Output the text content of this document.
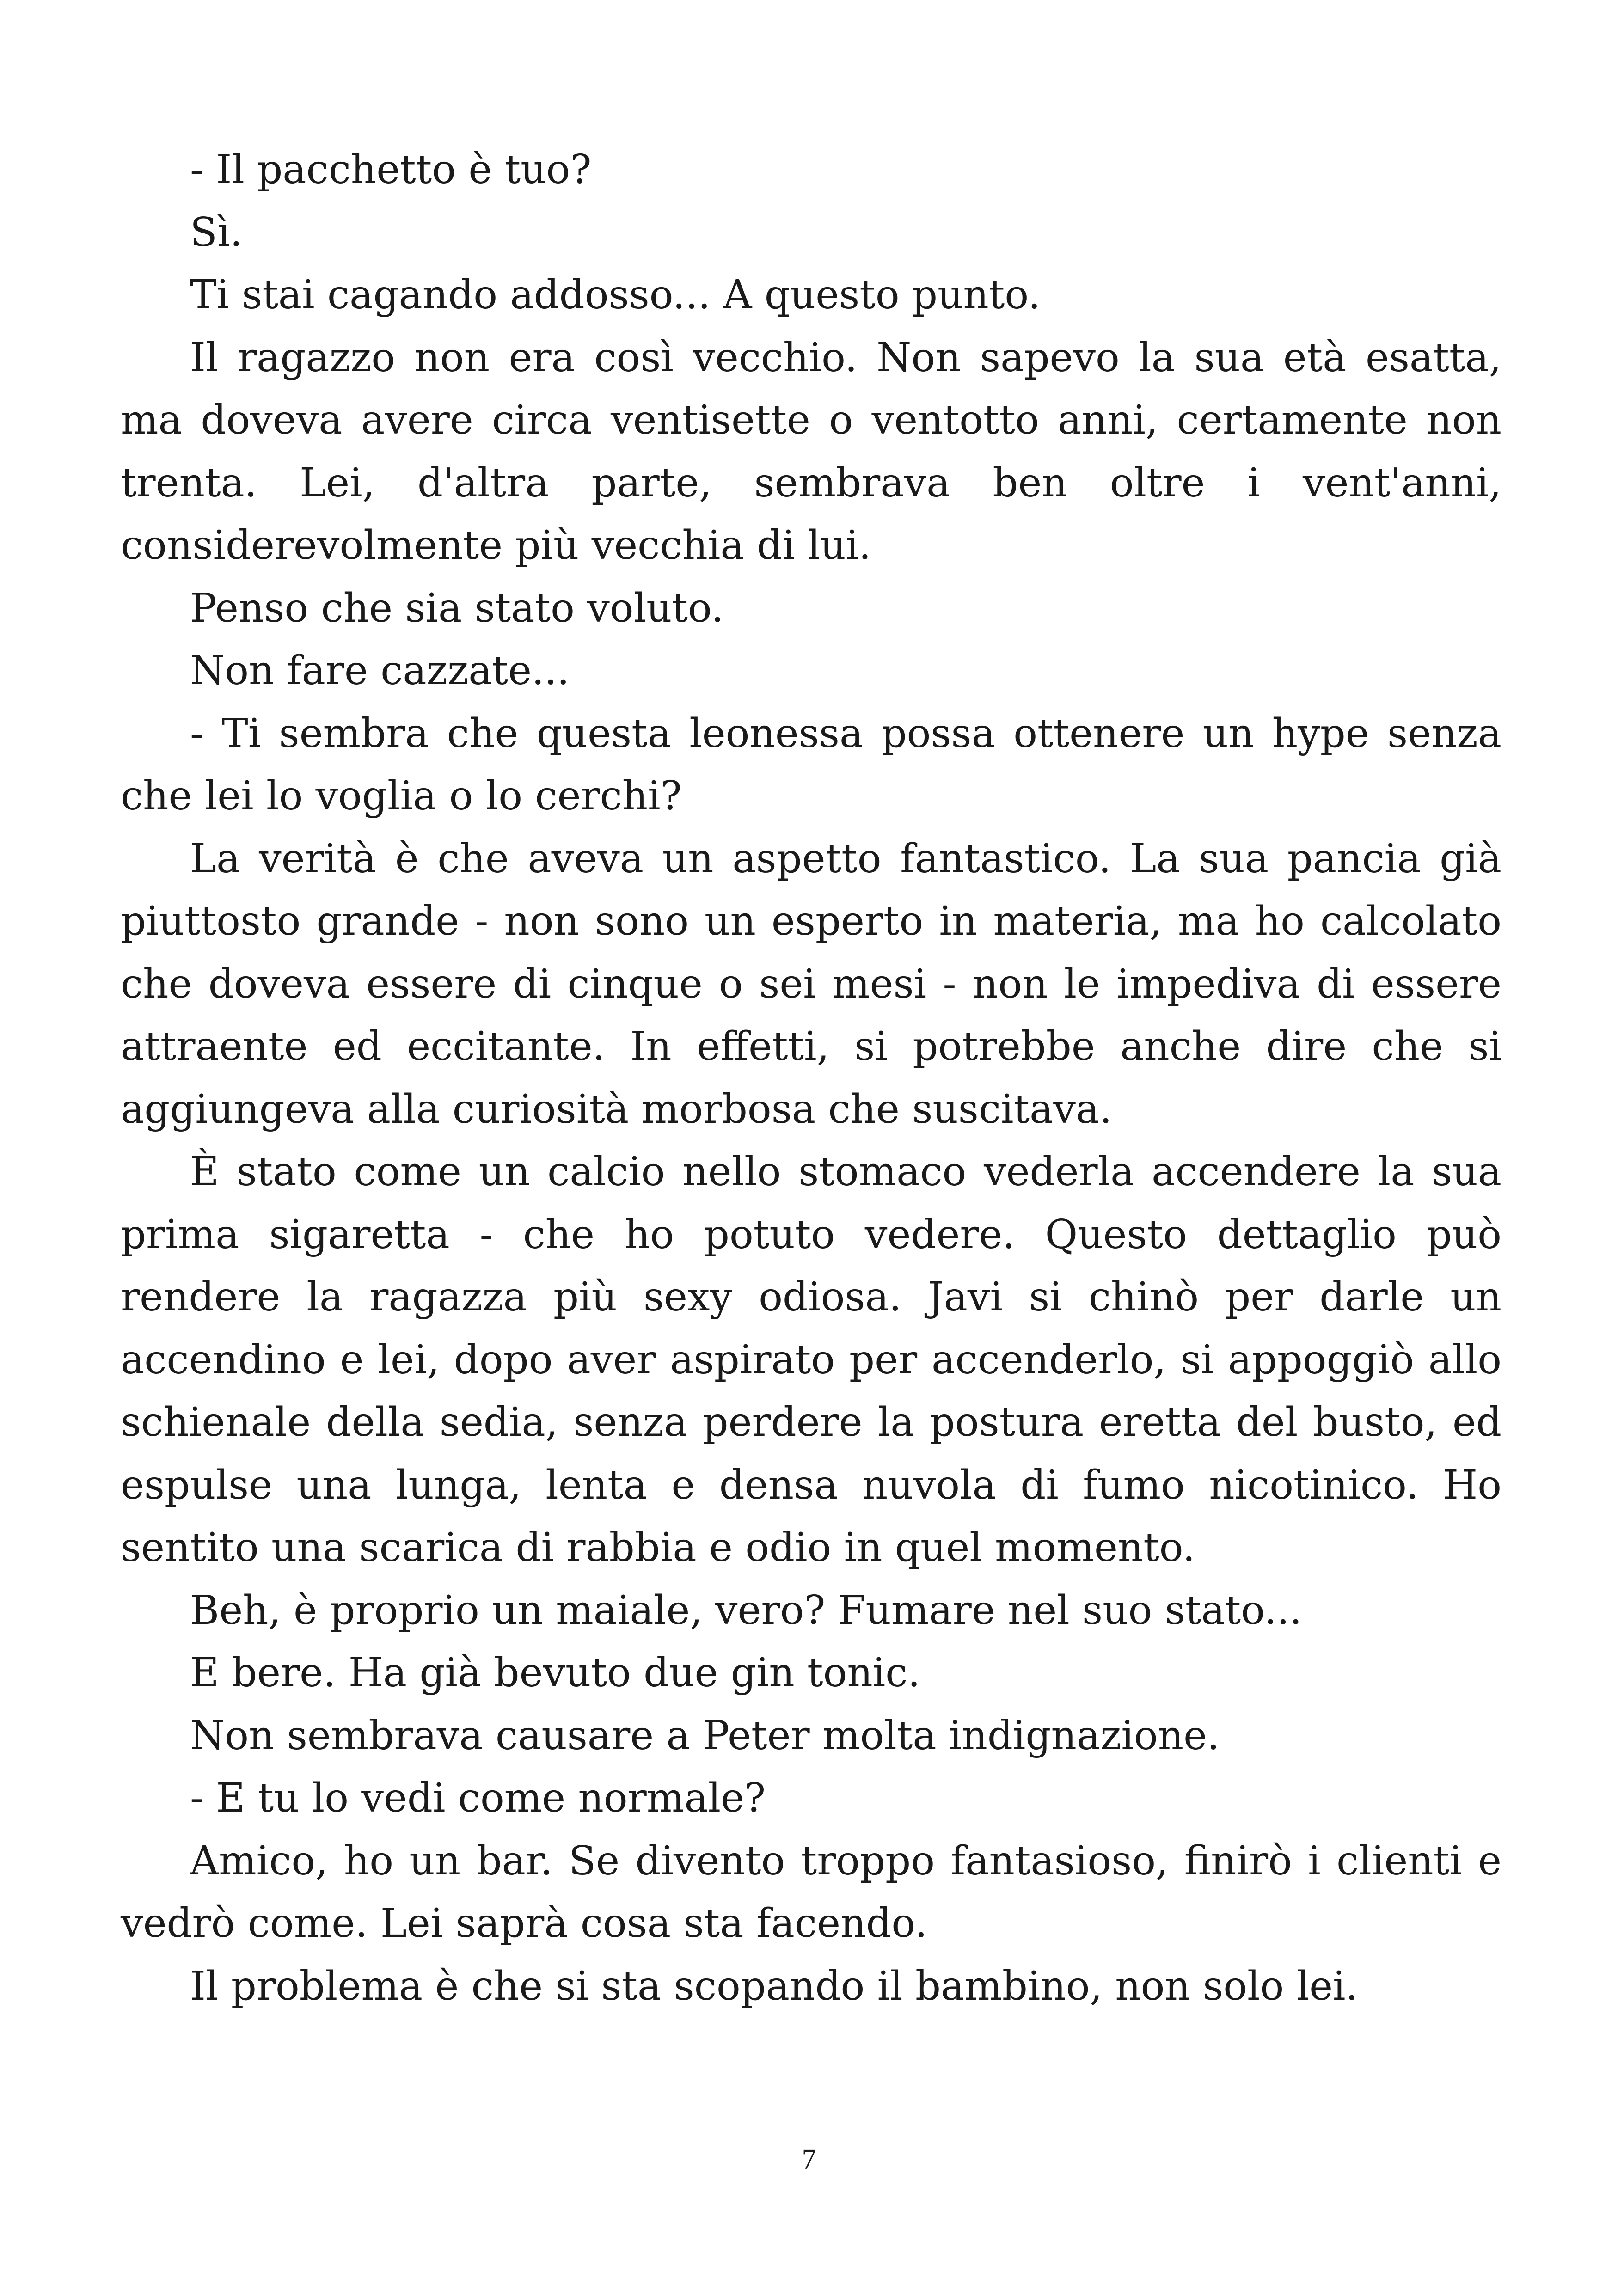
- Il pacchetto è tuo?

Sì.

Ti stai cagando addosso... A questo punto.

Il ragazzo non era così vecchio. Non sapevo la sua età esatta, ma doveva avere circa ventisette o ventotto anni, certamente non trenta. Lei, d'altra parte, sembrava ben oltre i vent'anni, considerevolmente più vecchia di lui.

Penso che sia stato voluto.

Non fare cazzate...

- Ti sembra che questa leonessa possa ottenere un hype senza che lei lo voglia o lo cerchi?

La verità è che aveva un aspetto fantastico. La sua pancia già piuttosto grande - non sono un esperto in materia, ma ho calcolato che doveva essere di cinque o sei mesi - non le impediva di essere attraente ed eccitante. In effetti, si potrebbe anche dire che si aggiungeva alla curiosità morbosa che suscitava.

È stato come un calcio nello stomaco vederla accendere la sua prima sigaretta - che ho potuto vedere. Questo dettaglio può rendere la ragazza più sexy odiosa. Javi si chinò per darle un accendino e lei, dopo aver aspirato per accenderlo, si appoggiò allo schienale della sedia, senza perdere la postura eretta del busto, ed espulse una lunga, lenta e densa nuvola di fumo nicotinico. Ho sentito una scarica di rabbia e odio in quel momento.

Beh, è proprio un maiale, vero? Fumare nel suo stato...

E bere. Ha già bevuto due gin tonic.

Non sembrava causare a Peter molta indignazione.

- E tu lo vedi come normale?

Amico, ho un bar. Se divento troppo fantasioso, finirò i clienti e vedrò come. Lei saprà cosa sta facendo.

Il problema è che si sta scopando il bambino, non solo lei.

7
